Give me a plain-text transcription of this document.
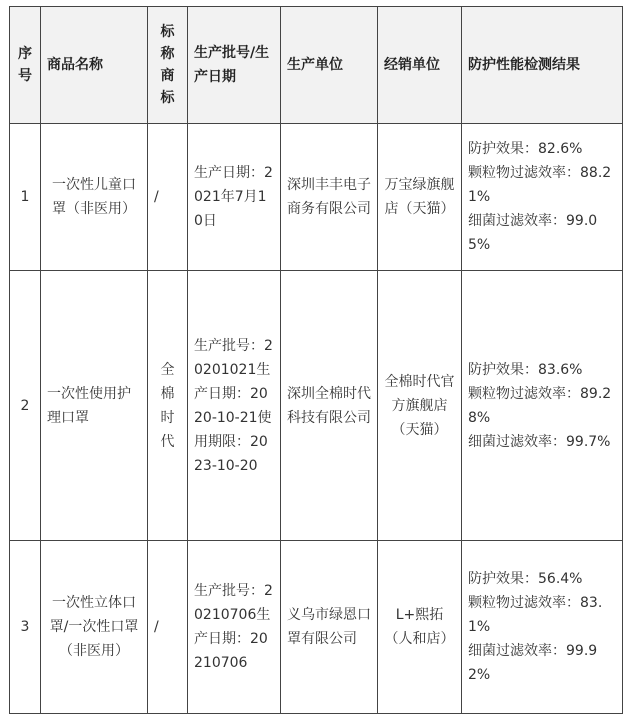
序号	商品名称	标称商标	生产批号/生产日期	生产单位	经销单位	防护性能检测结果
1	一次性儿童口罩（非医用）	/	生产日期：2021年7月10日	深圳丰丰电子商务有限公司	万宝绿旗舰店（天猫）	防护效果：82.6%
颗粒物过滤效率：88.21%
细菌过滤效率：99.05%

2	一次性使用护理口罩	全棉时代	生产批号：20201021生产日期：2020-10-21使用期限：2023-10-20	深圳全棉时代科技有限公司	全棉时代官方旗舰店（天猫）	防护效果：83.6%
颗粒物过滤效率：89.28%
细菌过滤效率：99.7%

3	一次性立体口罩/一次性口罩（非医用）	/	生产批号：20210706生产日期：20210706	义乌市绿恩口罩有限公司	L+熙拓（人和店）	防护效果：56.4%
颗粒物过滤效率：83.1%
细菌过滤效率：99.92%
